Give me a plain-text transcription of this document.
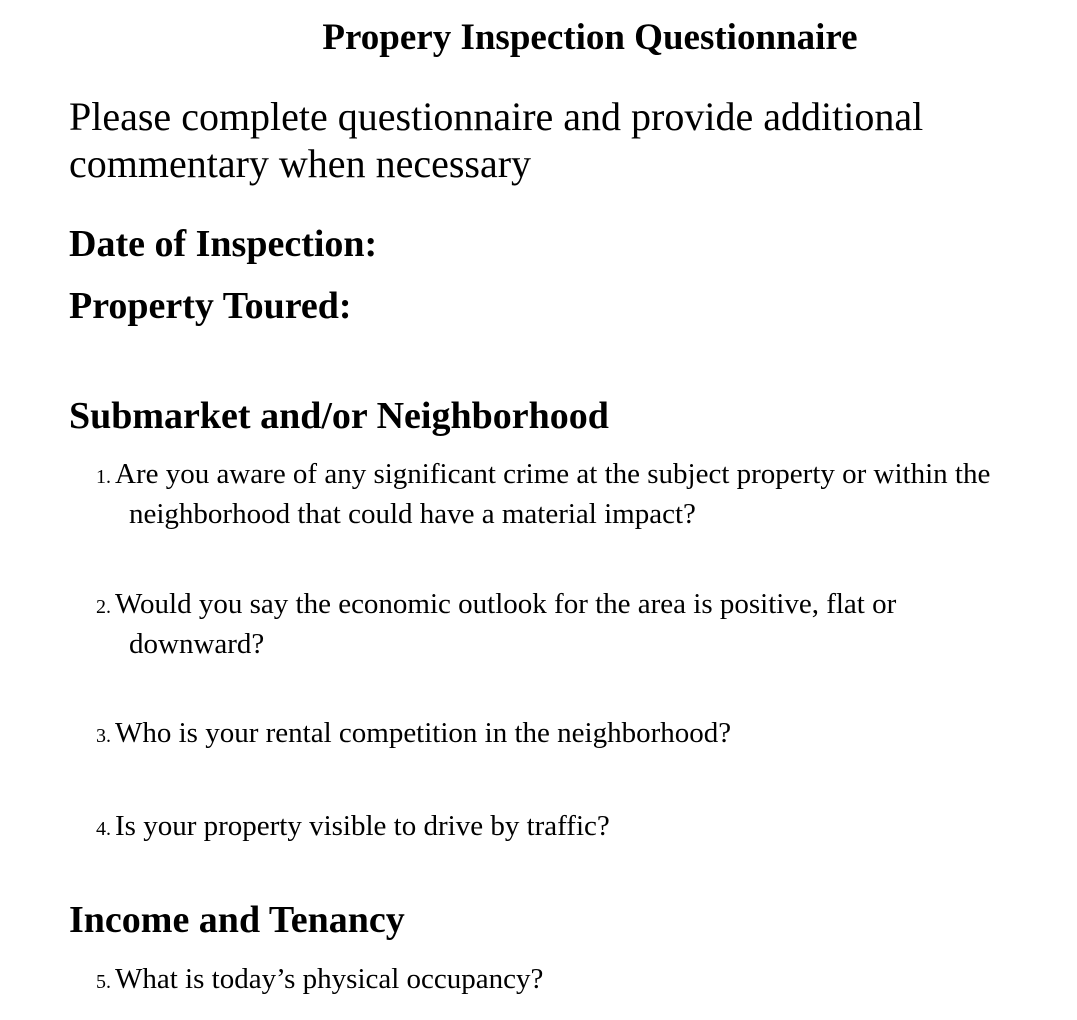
Propery Inspection Questionnaire
Please complete questionnaire and provide additional commentary when necessary
Date of Inspection:
Property Toured:
Submarket and/or Neighborhood
1. Are you aware of any significant crime at the subject property or within the
neighborhood that could have a material impact?
2. Would you say the economic outlook for the area is positive, flat or
downward?
3. Who is your rental competition in the neighborhood?
4. Is your property visible to drive by traffic?
Income and Tenancy
5. What is today’s physical occupancy?
